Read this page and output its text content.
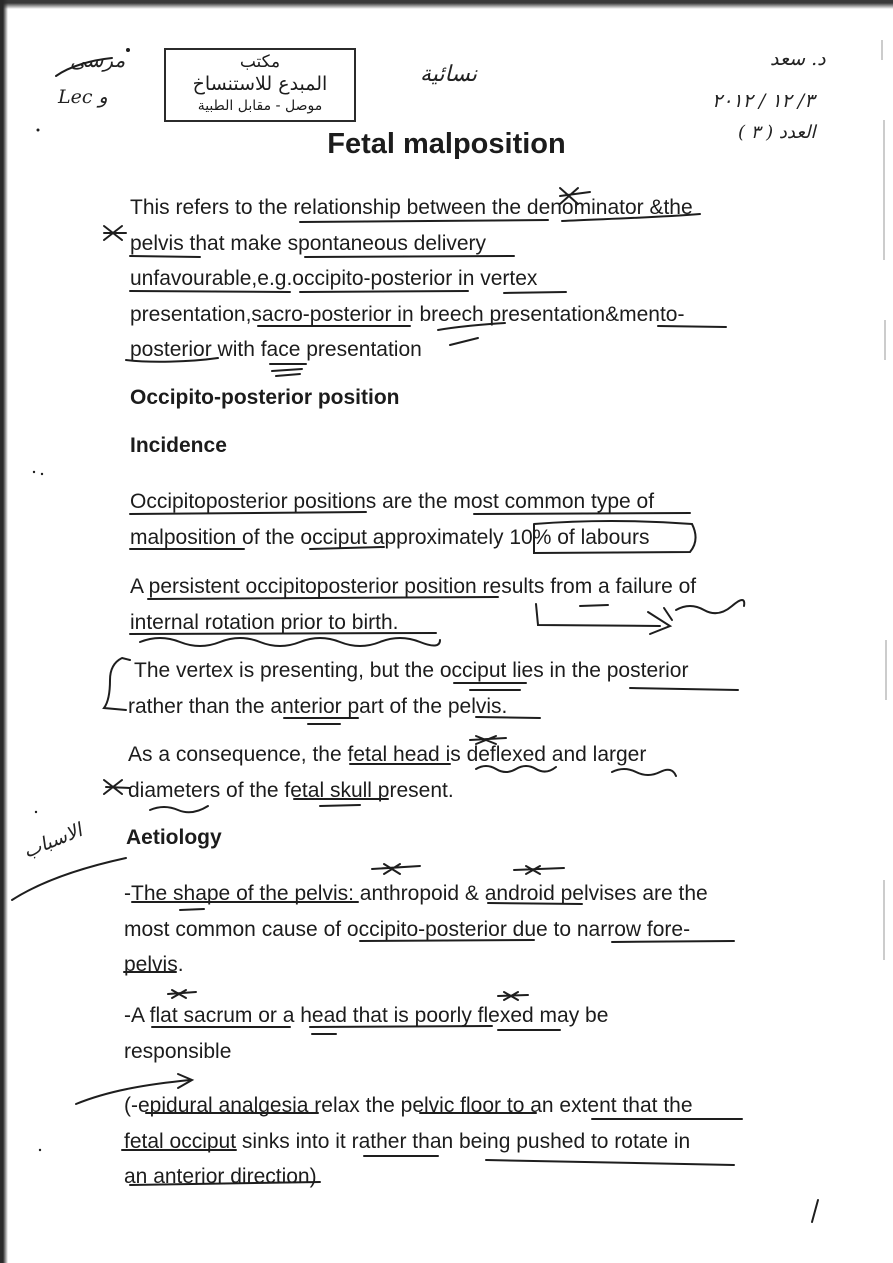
مكتب
المبدع للاستنساخ
موصل - مقابل الطبية
مرسى
Lec و
نسائية
د. سعد
٣/ ١٢ / ٢٠١٢
العدد ( ٣ )
الاسباب
Fetal malposition
This refers to the relationship between the denominator &the
pelvis that make spontaneous delivery
unfavourable,e.g.occipito-posterior in vertex
presentation,sacro-posterior in breech presentation&mento-
posterior with face presentation
Occipito-posterior position
Incidence
Occipitoposterior positions are the most common type of
malposition of the occiput approximately 10% of labours
A persistent occipitoposterior position results from a failure of
internal rotation prior to birth.
The vertex is presenting, but the occiput lies in the posterior
rather than the anterior part of the pelvis.
As a consequence, the fetal head is deflexed and larger
diameters of the fetal skull present.
Aetiology
-The shape of the pelvis: anthropoid & android pelvises are the
most common cause of occipito-posterior due to narrow fore-
pelvis.
-A flat sacrum or a head that is poorly flexed may be
responsible
(-epidural analgesia relax the pelvic floor to an extent that the
fetal occiput sinks into it rather than being pushed to rotate in
an anterior direction)
